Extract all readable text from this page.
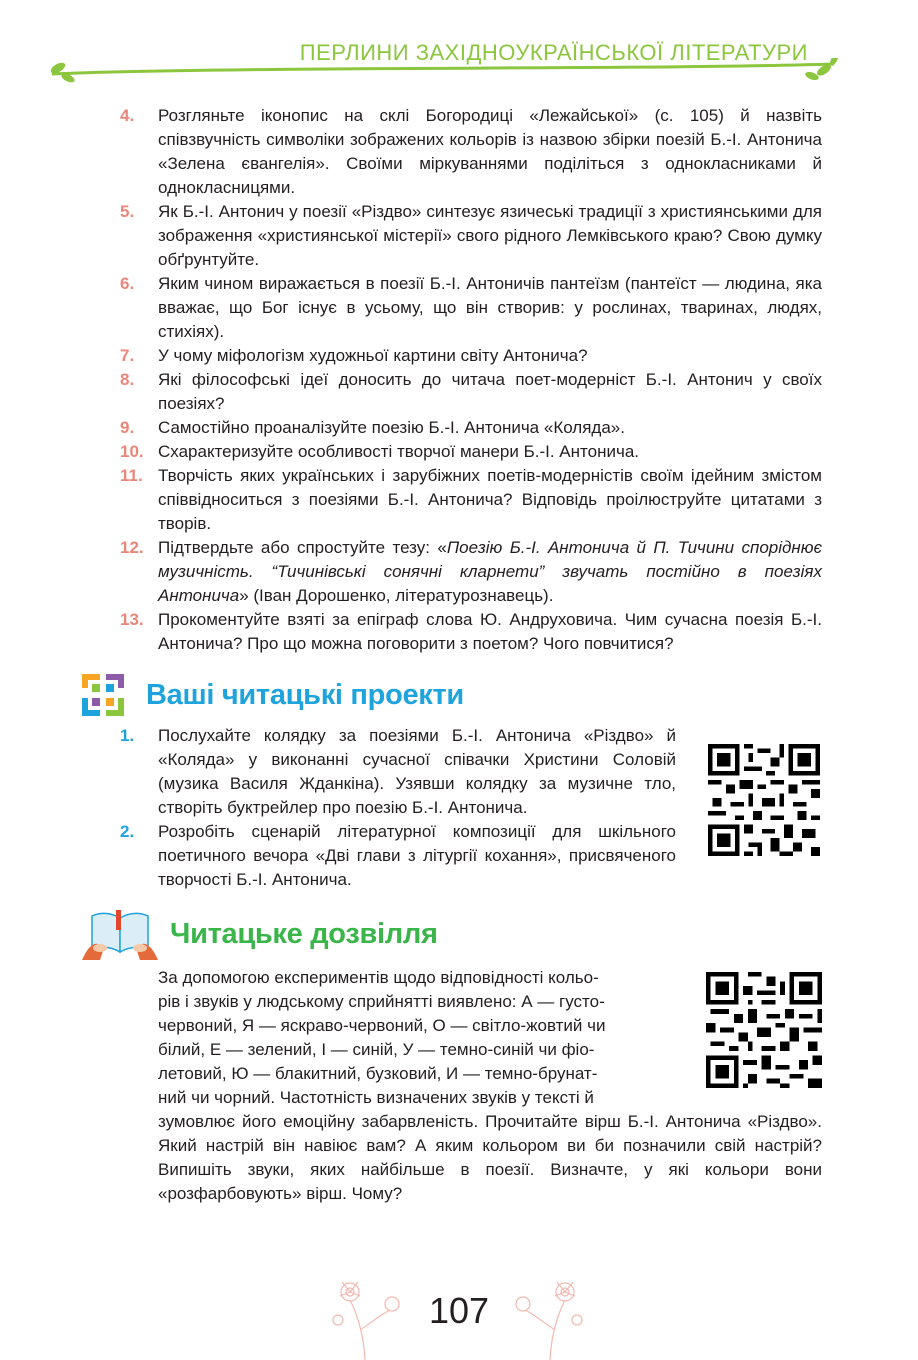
ПЕРЛИНИ ЗАХІДНОУКРАЇНСЬКОЇ ЛІТЕРАТУРИ
4.	Розгляньте іконопис на склі Богородиці «Лежайської» (с. 105) й назвіть співзвучність символіки зображених кольорів із назвою збірки поезій Б.-І. Антонича «Зелена євангелія». Своїми міркуваннями поділіться з однокласниками й однокласницями.
5.	Як Б.-І. Антонич у поезії «Різдво» синтезує язичеські традиції з християнськими для зображення «християнської містерії» свого рідного Лемківського краю? Свою думку обґрунтуйте.
6.	Яким чином виражається в поезії Б.-І. Антоничів пантеїзм (пантеїст — людина, яка вважає, що Бог існує в усьому, що він створив: у рослинах, тваринах, людях, стихіях).
7.	У чому міфологізм художньої картини світу Антонича?
8.	Які філософські ідеї доносить до читача поет-модерніст Б.-І. Антонич у своїх поезіях?
9.	Самостійно проаналізуйте поезію Б.-І. Антонича «Коляда».
10. Схарактеризуйте особливості творчої манери Б.-І. Антонича.
11. Творчість яких українських і зарубіжних поетів-модерністів своїм ідейним змістом співвідноситься з поезіями Б.-І. Антонича? Відповідь проілюструйте цитатами з творів.
12. Підтвердьте або спростуйте тезу: «Поезію Б.-І. Антонича й П. Тичини споріднює музичність. “Тичинівські сонячні кларнети” звучать постійно в поезіях Антонича» (Іван Дорошенко, літературознавець).
13. Прокоментуйте взяті за епіграф слова Ю. Андруховича. Чим сучасна поезія Б.-І. Антонича? Про що можна поговорити з поетом? Чого повчитися?
Ваші читацькі проекти
1.	Послухайте колядку за поезіями Б.-І. Антонича «Різдво» й «Коляда» у виконанні сучасної співачки Христини Соловій (музика Василя Жданкіна). Узявши колядку за музичне тло, створіть буктрейлер про поезію Б.-І. Антонича.
2.	Розробіть сценарій літературної композиції для шкільного поетичного вечора «Дві глави з літургії кохання», присвяченого творчості Б.-І. Антонича.
Читацьке дозвілля
За допомогою експериментів щодо відповідності кольо-
рів і звуків у людському сприйнятті виявлено: А — густо-
червоний, Я — яскраво-червоний, О — світло-жовтий чи
білий, Е — зелений, І — синій, У — темно-синій чи фіо-
летовий, Ю — блакитний, бузковий, И — темно-брунат-
ний чи чорний. Частотність визначених звуків у тексті й
зумовлює його емоційну забарвленість. Прочитайте вірш Б.-І. Антонича «Різдво». Який настрій він навіює вам? А яким кольором ви би позначили свій настрій? Випишіть звуки, яких найбільше в поезії. Визначте, у які кольори вони «розфарбовують» вірш. Чому?
107
